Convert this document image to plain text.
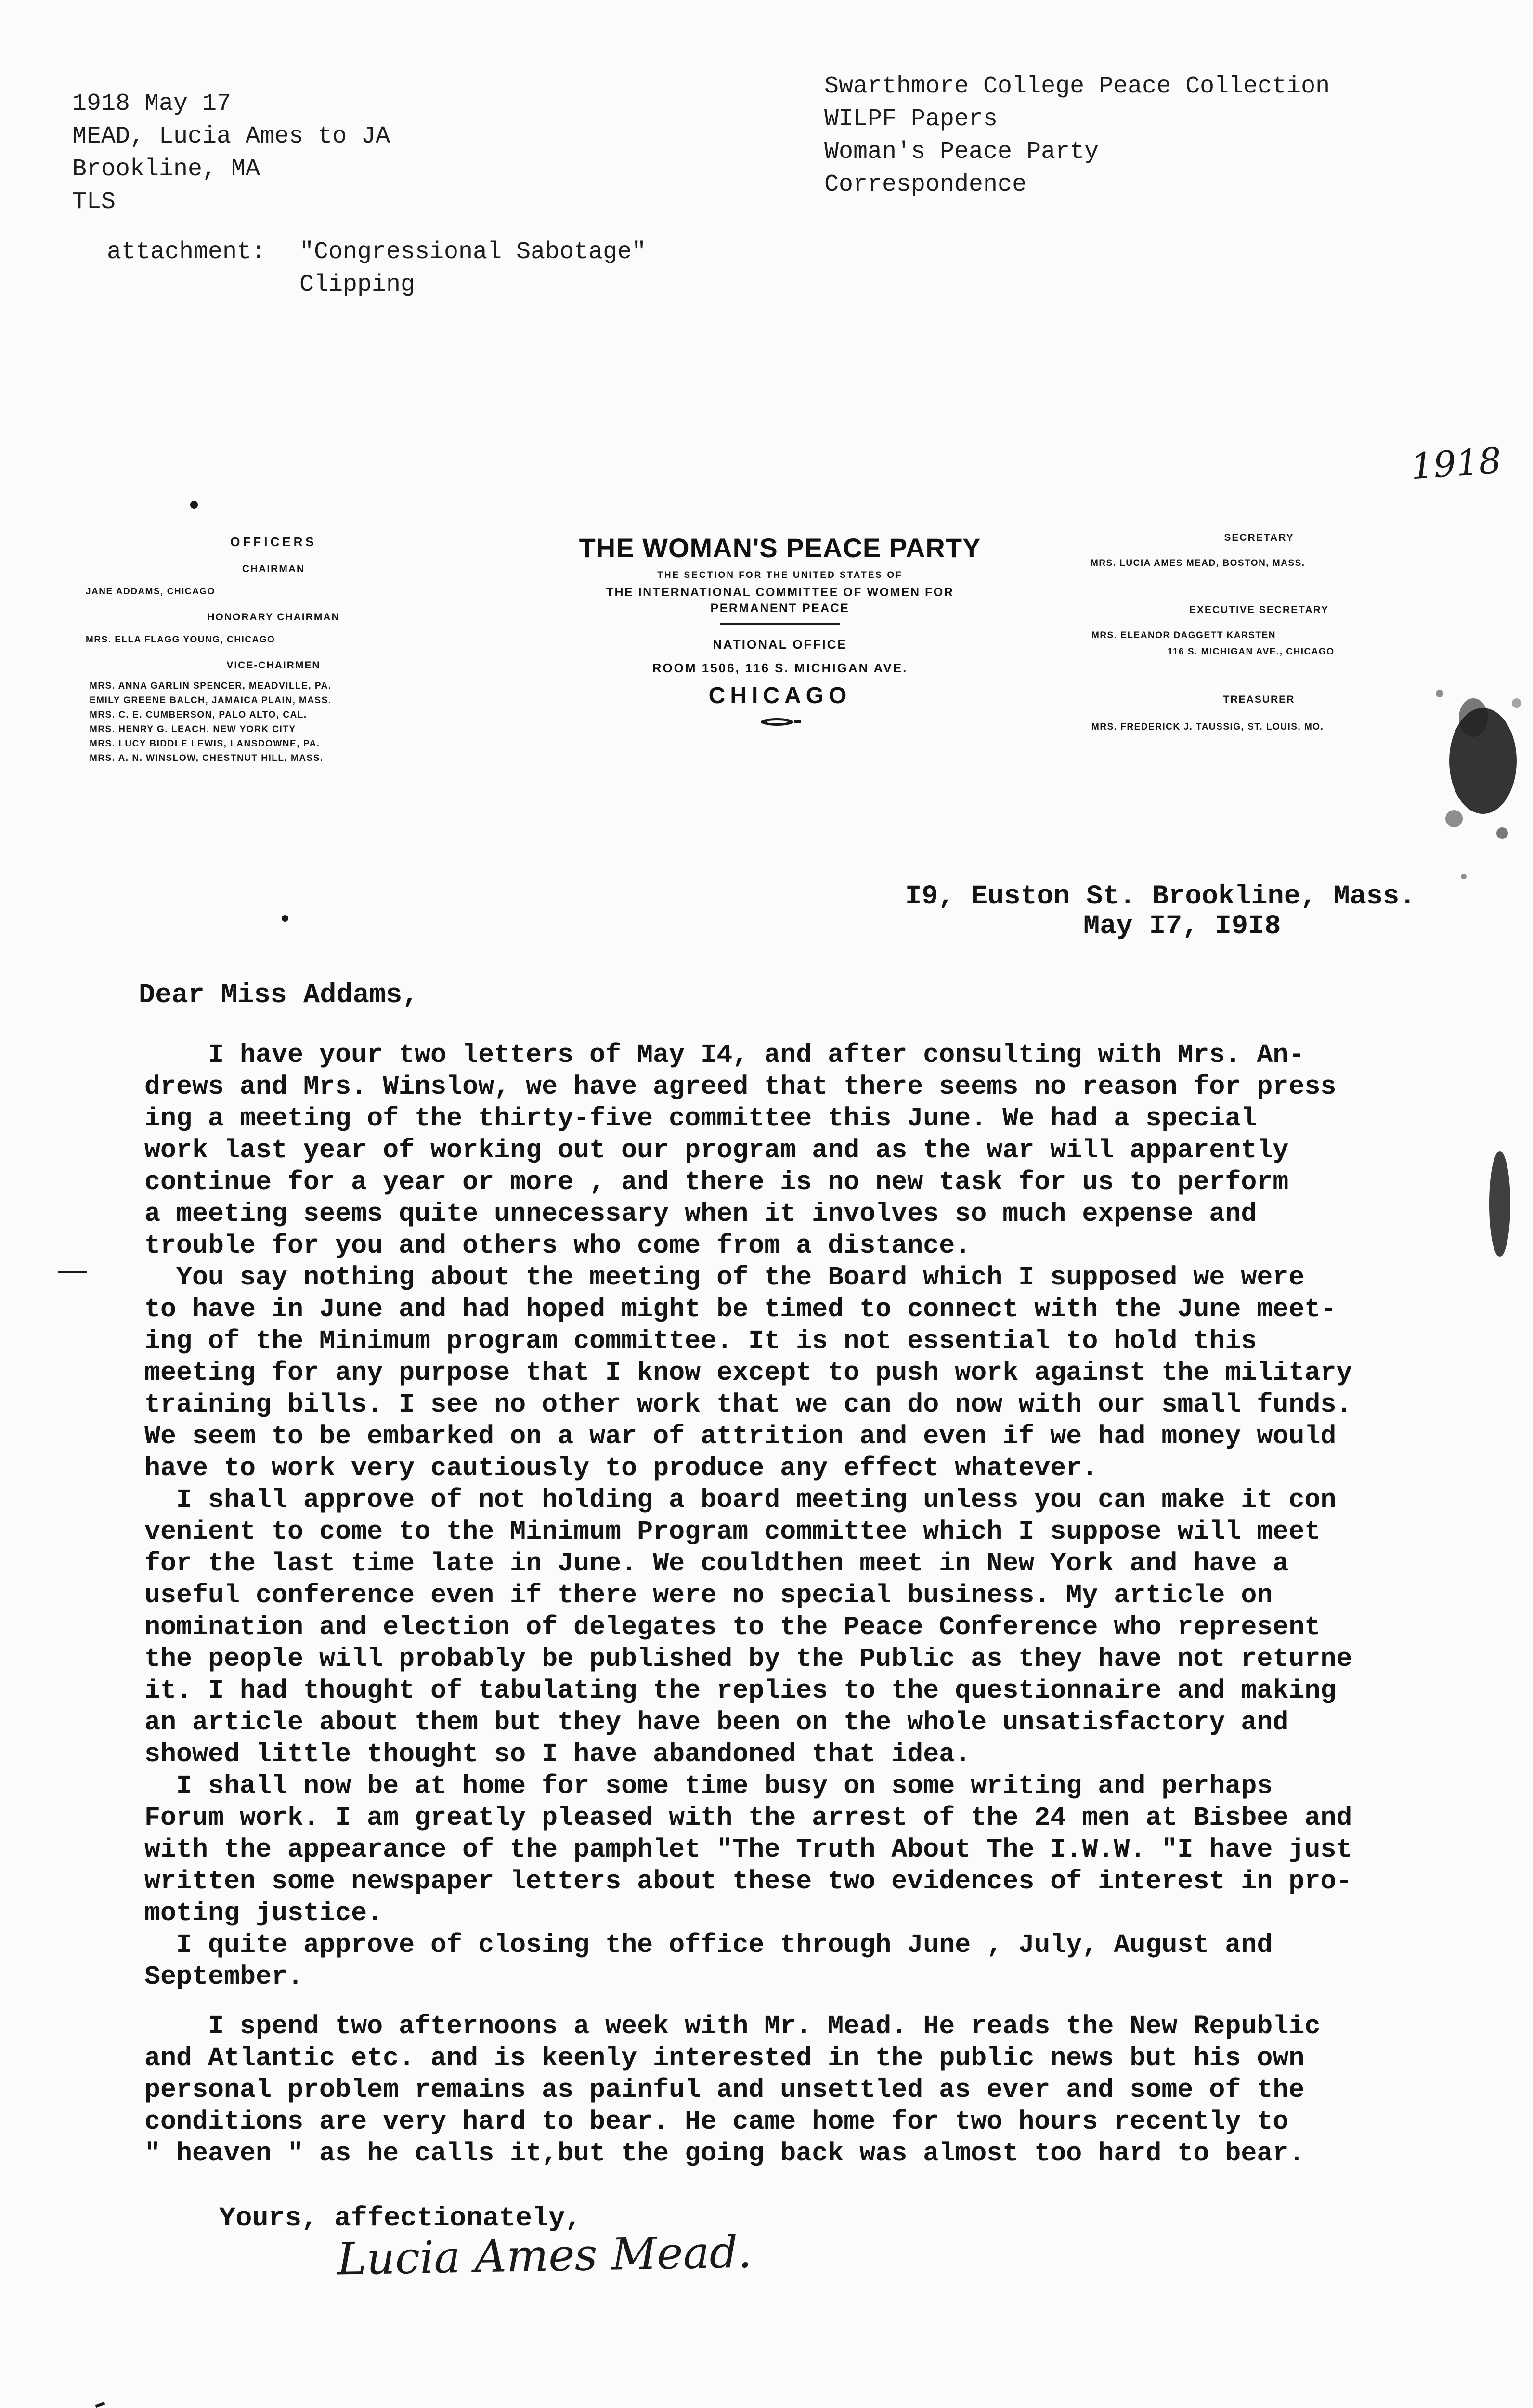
1918 May 17
MEAD, Lucia Ames to JA
Brookline, MA
TLS
Swarthmore College Peace Collection
WILPF Papers
Woman's Peace Party
Correspondence

attachment:

"Congressional Sabotage"

Clipping

1918
OFFICERS
CHAIRMAN
JANE ADDAMS, CHICAGO
HONORARY CHAIRMAN
MRS. ELLA FLAGG YOUNG, CHICAGO
VICE-CHAIRMEN
MRS. ANNA GARLIN SPENCER, MEADVILLE, PA.
EMILY GREENE BALCH, JAMAICA PLAIN, MASS.
MRS. C. E. CUMBERSON, PALO ALTO, CAL.
MRS. HENRY G. LEACH, NEW YORK CITY
MRS. LUCY BIDDLE LEWIS, LANSDOWNE, PA.
MRS. A. N. WINSLOW, CHESTNUT HILL, MASS.
THE WOMAN'S PEACE PARTY
THE SECTION FOR THE UNITED STATES OF
THE INTERNATIONAL COMMITTEE OF WOMEN FOR
PERMANENT PEACE
NATIONAL OFFICE
ROOM 1506, 116 S. MICHIGAN AVE.
CHICAGO
SECRETARY
MRS. LUCIA AMES MEAD, BOSTON, MASS.
EXECUTIVE SECRETARY
MRS. ELEANOR DAGGETT KARSTEN
116 S. MICHIGAN AVE., CHICAGO
TREASURER
MRS. FREDERICK J. TAUSSIG, ST. LOUIS, MO.
I9, Euston St. Brookline, Mass.
May I7, I9I8
Dear Miss Addams,
I have your two letters of May I4, and after consulting with Mrs. An-
drews and Mrs. Winslow, we have agreed that there seems no reason for press
ing a meeting of the thirty-five committee this June. We had a special
work last year of working out our program and as the war will apparently
continue for a year or more , and there is no new task for us to perform
a meeting seems quite unnecessary when it involves so much expense and
trouble for you and others who come from a distance.
You say nothing about the meeting of the Board which I supposed we were
to have in June and had hoped might be timed to connect with the June meet-
ing of the Minimum program committee. It is not essential to hold this
meeting for any purpose that I know except to push work against the military
training bills. I see no other work that we can do now with our small funds.
We seem to be embarked on a war of attrition and even if we had money would
have to work very cautiously to produce any effect whatever.
I shall approve of not holding a board meeting unless you can make it con
venient to come to the Minimum Program committee which I suppose will meet
for the last time late in June. We couldthen meet in New York and have a
useful conference even if there were no special business. My article on
nomination and election of delegates to the Peace Conference who represent
the people will probably be published by the Public as they have not returne
it. I had thought of tabulating the replies to the questionnaire and making
an article about them but they have been on the whole unsatisfactory and
showed little thought so I have abandoned that idea.
I shall now be at home for some time busy on some writing and perhaps
Forum work. I am greatly pleased with the arrest of the 24 men at Bisbee and
with the appearance of the pamphlet "The Truth About The I.W.W. "I have just
written some newspaper letters about these two evidences of interest in pro-
moting justice.
I quite approve of closing the office through June , July, August and
September.
I spend two afternoons a week with Mr. Mead. He reads the New Republic
and Atlantic etc. and is keenly interested in the public news but his own
personal problem remains as painful and unsettled as ever and some of the
conditions are very hard to bear. He came home for two hours recently to
" heaven " as he calls it,but the going back was almost too hard to bear.
Yours, affectionately,
Lucia Ames Mead.
